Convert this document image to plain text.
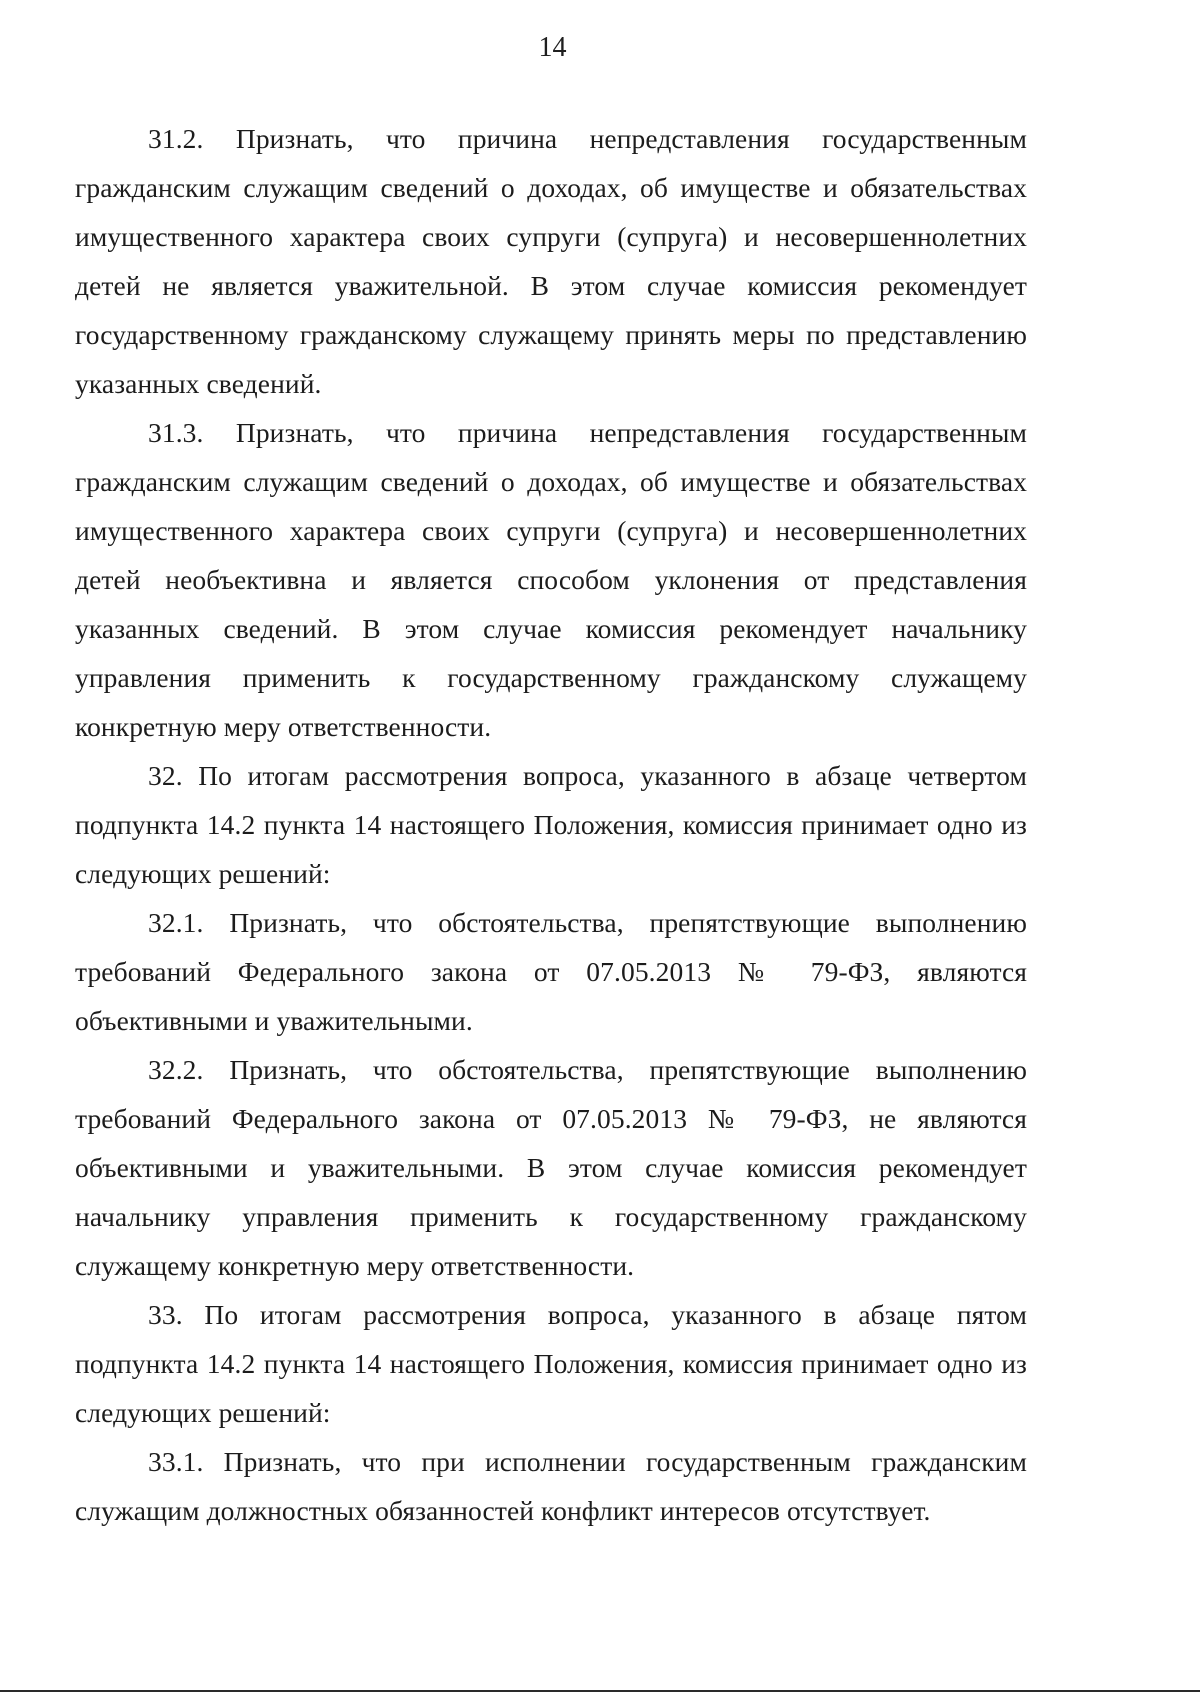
14

31.2. Признать, что причина непредставления государственным гражданским служащим сведений о доходах, об имуществе и обязательствах имущественного характера своих супруги (супруга) и несовершеннолетних детей не является уважительной. В этом случае комиссия рекомендует государственному гражданскому служащему принять меры по представлению указанных сведений.

31.3. Признать, что причина непредставления государственным гражданским служащим сведений о доходах, об имуществе и обязательствах имущественного характера своих супруги (супруга) и несовершеннолетних детей необъективна и является способом уклонения от представления указанных сведений. В этом случае комиссия рекомендует начальнику управления применить к государственному гражданскому служащему конкретную меру ответственности.

32. По итогам рассмотрения вопроса, указанного в абзаце четвертом подпункта 14.2 пункта 14 настоящего Положения, комиссия принимает одно из следующих решений:

32.1. Признать, что обстоятельства, препятствующие выполнению требований Федерального закона от 07.05.2013 № 79-ФЗ, являются объективными и уважительными.

32.2. Признать, что обстоятельства, препятствующие выполнению требований Федерального закона от 07.05.2013 № 79-ФЗ, не являются объективными и уважительными. В этом случае комиссия рекомендует начальнику управления применить к государственному гражданскому служащему конкретную меру ответственности.

33. По итогам рассмотрения вопроса, указанного в абзаце пятом подпункта 14.2 пункта 14 настоящего Положения, комиссия принимает одно из следующих решений:

33.1. Признать, что при исполнении государственным гражданским служащим должностных обязанностей конфликт интересов отсутствует.
